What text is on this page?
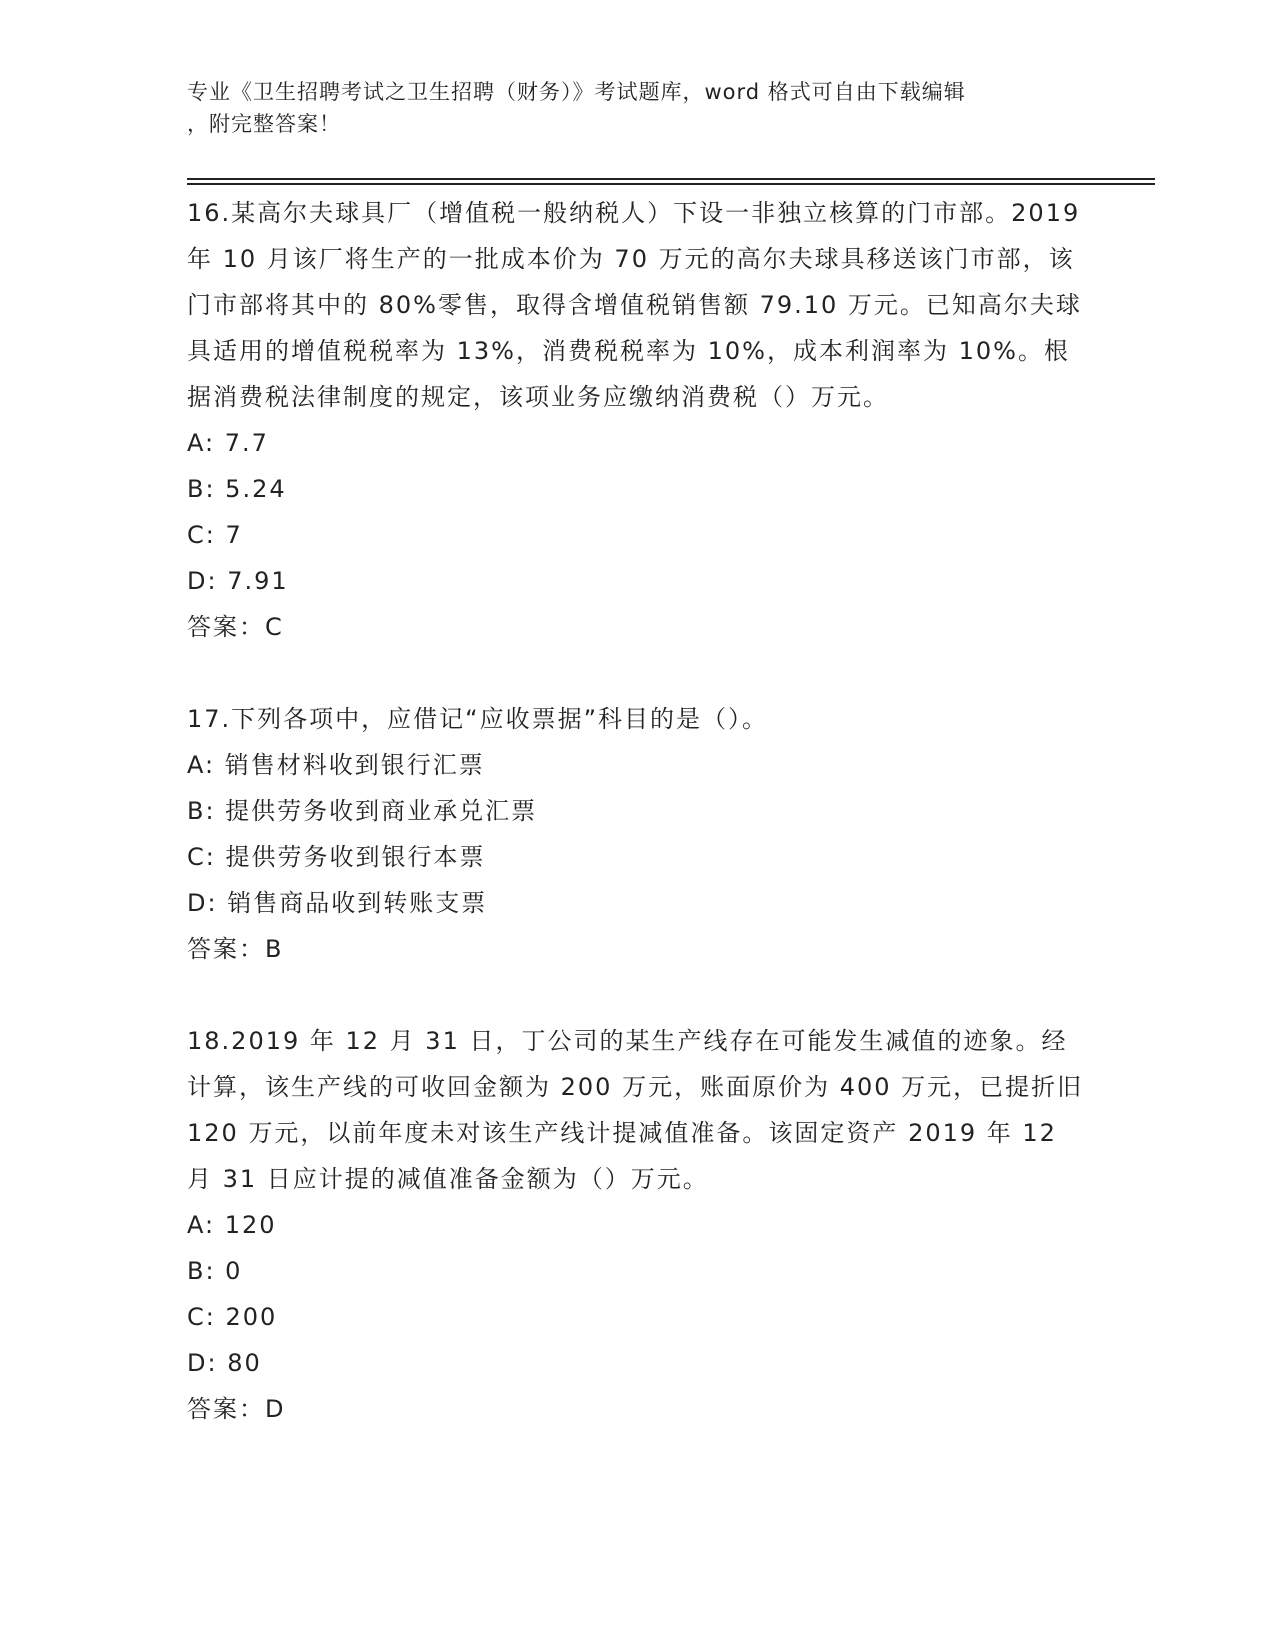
专业《卫生招聘考试之卫生招聘（财务）》考试题库，word 格式可自由下载编辑
，附完整答案！

16.某高尔夫球具厂（增值税一般纳税人）下设一非独立核算的门市部。2019 年 10 月该厂将生产的一批成本价为 70 万元的高尔夫球具移送该门市部，该门市部将其中的 80%零售，取得含增值税销售额 79.10 万元。已知高尔夫球具适用的增值税税率为 13%，消费税税率为 10%，成本利润率为 10%。根据消费税法律制度的规定，该项业务应缴纳消费税（）万元。

A: 7.7

B: 5.24

C: 7

D: 7.91

答案：C

17.下列各项中，应借记“应收票据”科目的是（）。

A: 销售材料收到银行汇票

B: 提供劳务收到商业承兑汇票

C: 提供劳务收到银行本票

D: 销售商品收到转账支票

答案：B

18.2019 年 12 月 31 日，丁公司的某生产线存在可能发生减值的迹象。经计算，该生产线的可收回金额为 200 万元，账面原价为 400 万元，已提折旧 120 万元，以前年度未对该生产线计提减值准备。该固定资产 2019 年 12 月 31 日应计提的减值准备金额为（）万元。

A: 120

B: 0

C: 200

D: 80

答案：D
